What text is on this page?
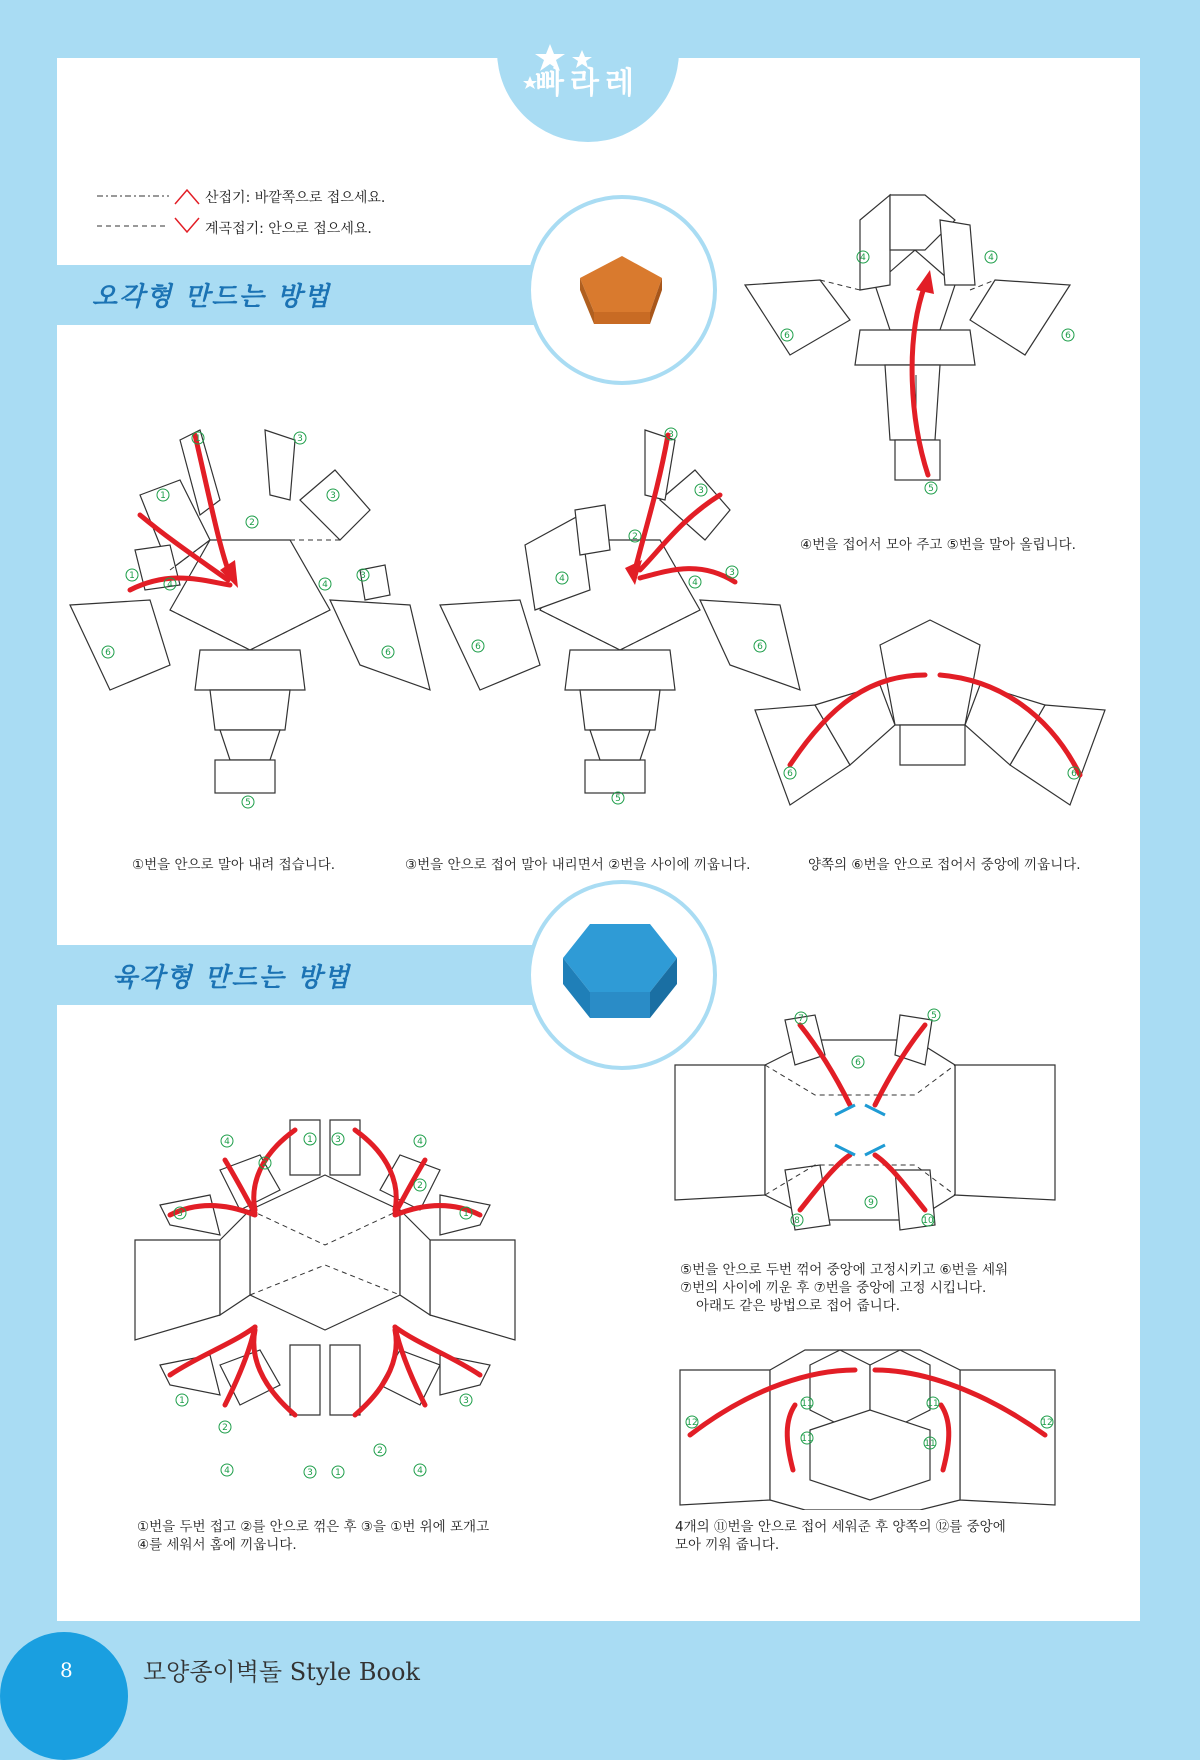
빠라레
산접기: 바깥쪽으로 접으세요.
계곡접기: 안으로 접으세요.
오각형 만드는 방법
1	3
1	3
2
1
4	4
3
6	6
5
3
3
2
4	4
3
6	6
5
4	4
6	6
5
6	6
④번을 접어서 모아 주고 ⑤번을 말아 올립니다.
①번을 안으로 말아 내려 접습니다.	③번을 안으로 접어 말아 내리면서 ②번을 사이에 끼웁니다.	양쪽의 ⑥번을 안으로 접어서 중앙에 끼웁니다.
육각형 만드는 방법
4	1 3	4
2
2
3	1
1	3
2
2
4	3 1	4
7	5
6
9
8	10
⑤번을 안으로 두번 꺾어 중앙에 고정시키고 ⑥번을 세워
⑦번의 사이에 끼운 후 ⑦번을 중앙에 고정 시킵니다.
아래도 같은 방법으로 접어 줍니다.
12	12
11	11
11	11
①번을 두번 접고 ②를 안으로 꺾은 후 ③을 ①번 위에 포개고
④를 세워서 홈에 끼웁니다.
4개의 ⑪번을 안으로 접어 세워준 후 양쪽의 ⑫를 중앙에
모아 끼워 줍니다.
8	모양종이벽돌 Style Book
